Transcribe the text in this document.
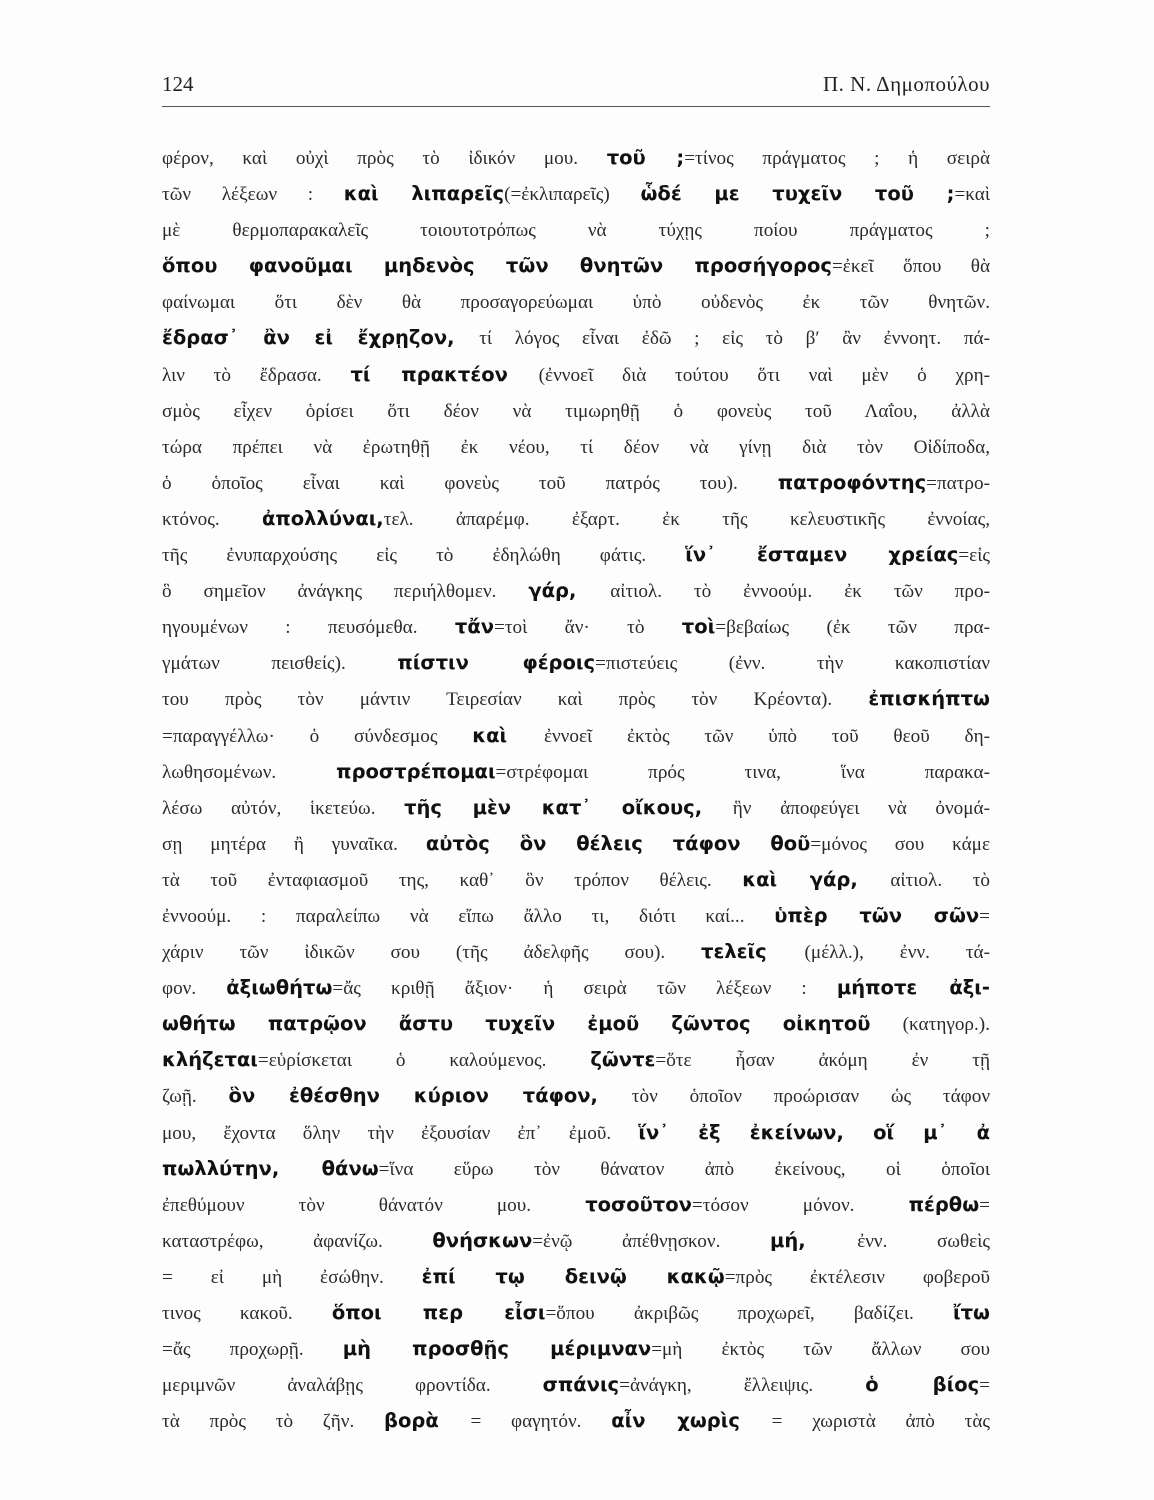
124	Π. Ν. Δημοπούλου
φέρον, καὶ οὐχὶ πρὸς τὸ ἰδικόν μου. τοῦ ;=τίνος πράγματος ; ἡ σειρὰ
τῶν λέξεων : καὶ λιπαρεῖς(=ἐκλιπαρεῖς) ὧδέ με τυχεῖν τοῦ ;=καὶ
μὲ θερμοπαρακαλεῖς τοιουτοτρόπως νὰ τύχῃς ποίου πράγματος ;
ὅπου φανοῦμαι μηδενὸς τῶν θνητῶν προσήγορος=ἐκεῖ ὅπου θὰ
φαίνωμαι ὅτι δὲν θὰ προσαγορεύωμαι ὑπὸ οὐδενὸς ἐκ τῶν θνητῶν.
ἔδρασ᾽ ἂν εἰ ἔχρῃζον, τί λόγος εἶναι ἐδῶ ; εἰς τὸ β′ ἂν ἐννοητ. πά-
λιν τὸ ἔδρασα. τί πρακτέον (ἐννοεῖ διὰ τούτου ὅτι ναὶ μὲν ὁ χρη-
σμὸς εἶχεν ὁρίσει ὅτι δέον νὰ τιμωρηθῇ ὁ φονεὺς τοῦ Λαΐου, ἀλλὰ
τώρα πρέπει νὰ ἐρωτηθῇ ἐκ νέου, τί δέον νὰ γίνῃ διὰ τὸν Οἰδίποδα,
ὁ ὁποῖος εἶναι καὶ φονεὺς τοῦ πατρός του). πατροφόντης=πατρο-
κτόνος. ἀπολλύναι,τελ. ἀπαρέμφ. ἐξαρτ. ἐκ τῆς κελευστικῆς ἐννοίας,
τῆς ἐνυπαρχούσης εἰς τὸ ἐδηλώθη φάτις. ἵν᾽ ἔσταμεν χρείας=εἰς
ὃ σημεῖον ἀνάγκης περιήλθομεν. γάρ, αἰτιολ. τὸ ἐννοούμ. ἐκ τῶν προ-
ηγουμένων : πευσόμεθα. τἄν=τοὶ ἄν· τὸ τοὶ=βεβαίως (ἐκ τῶν πρα-
γμάτων πεισθείς). πίστιν φέροις=πιστεύεις (ἐνν. τὴν κακοπιστίαν
του πρὸς τὸν μάντιν Τειρεσίαν καὶ πρὸς τὸν Κρέοντα). ἐπισκήπτω
=παραγγέλλω· ὁ σύνδεσμος καὶ ἐννοεῖ ἐκτὸς τῶν ὑπὸ τοῦ θεοῦ δη-
λωθησομένων. προστρέπομαι=στρέφομαι πρός τινα, ἵνα παρακα-
λέσω αὐτόν, ἱκετεύω. τῆς μὲν κατ᾽ οἴκους, ἣν ἀποφεύγει νὰ ὀνομά-
σῃ μητέρα ἢ γυναῖκα. αὐτὸς ὃν θέλεις τάφον θοῦ=μόνος σου κάμε
τὰ τοῦ ἐνταφιασμοῦ της, καθ᾽ ὃν τρόπον θέλεις. καὶ γάρ, αἰτιολ. τὸ
ἐννοούμ. : παραλείπω νὰ εἴπω ἄλλο τι, διότι καί... ὑπὲρ τῶν σῶν=
χάριν τῶν ἰδικῶν σου (τῆς ἀδελφῆς σου). τελεῖς (μέλλ.), ἐνν. τά-
φον. ἀξιωθήτω=ἄς κριθῇ ἄξιον· ἡ σειρὰ τῶν λέξεων : μήποτε ἀξι-
ωθήτω πατρῷον ἄστυ τυχεῖν ἐμοῦ ζῶντος οἰκητοῦ (κατηγορ.).
κλήζεται=εὑρίσκεται ὁ καλούμενος. ζῶντε=ὅτε ἦσαν ἀκόμη ἐν τῇ
ζωῇ. ὃν ἐθέσθην κύριον τάφον, τὸν ὁποῖον προώρισαν ὡς τάφον
μου, ἔχοντα ὅλην τὴν ἐξουσίαν ἐπ᾽ ἐμοῦ. ἵν᾽ ἐξ ἐκείνων, οἵ μ᾽ ἀ
πωλλύτην, θάνω=ἵνα εὕρω τὸν θάνατον ἀπὸ ἐκείνους, οἱ ὁποῖοι
ἐπεθύμουν τὸν θάνατόν μου. τοσοῦτον=τόσον μόνον. πέρθω=
καταστρέφω, ἀφανίζω. θνήσκων=ἐνῷ ἀπέθνῃσκον. μή, ἐνν. σωθεὶς
= εἰ μὴ ἐσώθην. ἐπί τῳ δεινῷ κακῷ=πρὸς ἐκτέλεσιν φοβεροῦ
τινος κακοῦ. ὅποι περ εἶσι=ὅπου ἀκριβῶς προχωρεῖ, βαδίζει. ἴτω
=ἄς προχωρῇ. μὴ προσθῇς μέριμναν=μὴ ἐκτὸς τῶν ἄλλων σου
μεριμνῶν ἀναλάβῃς φροντίδα. σπάνις=ἀνάγκη, ἔλλειψις. ὁ βίος=
τὰ πρὸς τὸ ζῆν. βορὰ = φαγητόν. αἶν χωρὶς = χωριστὰ ἀπὸ τὰς
